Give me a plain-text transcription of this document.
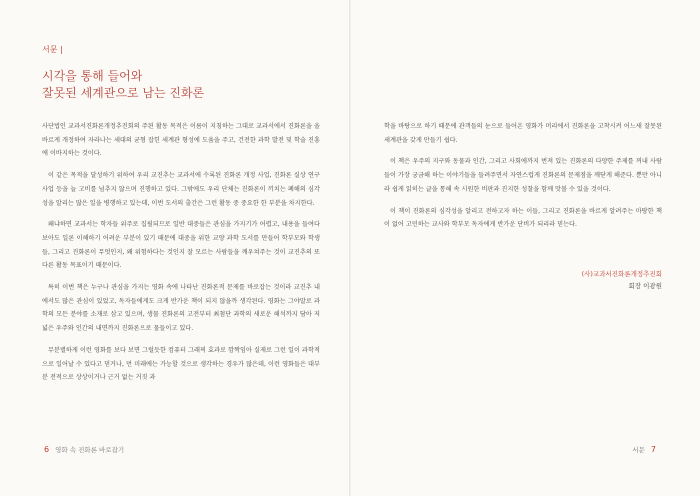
서문 |
시각을 통해 들어와
잘못된 세계관으로 남는 진화론

사단법인 교과서진화론개정추진회의 주된 활동 목적은 이름이 지칭하는 그대로 교과서에서 진화론을 올바르게 개정하여 자라나는 세대의 균형 잡힌 세계관 형성에 도움을 주고, 건전한 과학 발전 및 학술 진흥에 이바지하는 것이다.

이 같은 목적을 달성하기 위하여 우리 교진추는 교과서에 수록된 진화론 개정 사업, 진화론 실상 연구 사업 등을 늘 고비를 넘추지 않으며 진행하고 있다. 그밖에도 우리 단체는 진화론이 끼치는 폐해의 심각성을 알리는 많은 일을 병행하고 있는데, 이번 도서의 출간은 그런 활동 중 중요한 한 부분을 차지한다.

왜냐하면 교과서는 학자들 위주로 집필되므로 일반 대중들은 관심을 가지기가 어렵고, 내용을 들여다보아도 일론 이해하기 어려운 부분이 있기 때문에 대중을 위한 교양 과학 도서를 만들어 학부모와 학생들, 그리고 진화론이 무엇인지, 왜 위험하다는 것인지 잘 모르는 사람들을 깨우쳐주는 것이 교진추의 또 다른 활동 목표이기 때문이다.

특히 이번 책은 누구나 관심을 가지는 영화 속에 나타난 진화론적 문제를 바로잡는 것이라 교진추 내에서도 많은 관심이 있었고, 독자들에게도 크게 반가운 책이 되지 않을까 생각된다. 영화는 그야말로 과학의 모든 분야를 소재로 삼고 있으며, 생물 진화론의 고전부터 최첨단 과학의 새로운 해석까지 담아 저 넓은 우주와 인간의 내면까지 진화론으로 물들이고 있다.

무분별하게 이런 영화를 보다 보면 그럴듯한 컴퓨터 그래픽 효과로 깜짝임아 실제로 그런 일이 과학적으로 일어날 수 있다고 믿거나, 먼 미래에는 가능할 것으로 생각하는 경우가 많은데, 이런 영화들은 대부분 전적으로 상상이거나 근거 없는 거짓 과

6 영화 속 진화론 바로잡기

학을 바탕으로 하기 때문에 관객들의 눈으로 들어온 영화가 머리에서 진화론을 고착시켜 어느새 잘못된 세계관을 갖게 만들기 쉽다.

이 책은 우주의 지구와 동물과 인간, 그리고 사회에까지 번져 있는 진화론의 다양한 주제를 꺼내 사람들이 가장 궁금해 하는 이야기들을 들려주면서 자연스럽게 진화론의 문제점을 깨닫게 해준다. 뿐만 아니라 쉽게 읽히는 글을 통해 속 시원한 비판과 진지한 성찰을 함께 맛볼 수 있을 것이다.

이 책이 진화론의 심각성을 알리고 전하고자 하는 이들, 그리고 진화론을 바르게 알려주는 마땅한 책이 없어 고민하는 교사와 학부모 독자에게 반가운 단비가 되리라 믿는다.

(사)교과서진화론개정추진회
회장 이광원
서문 7
